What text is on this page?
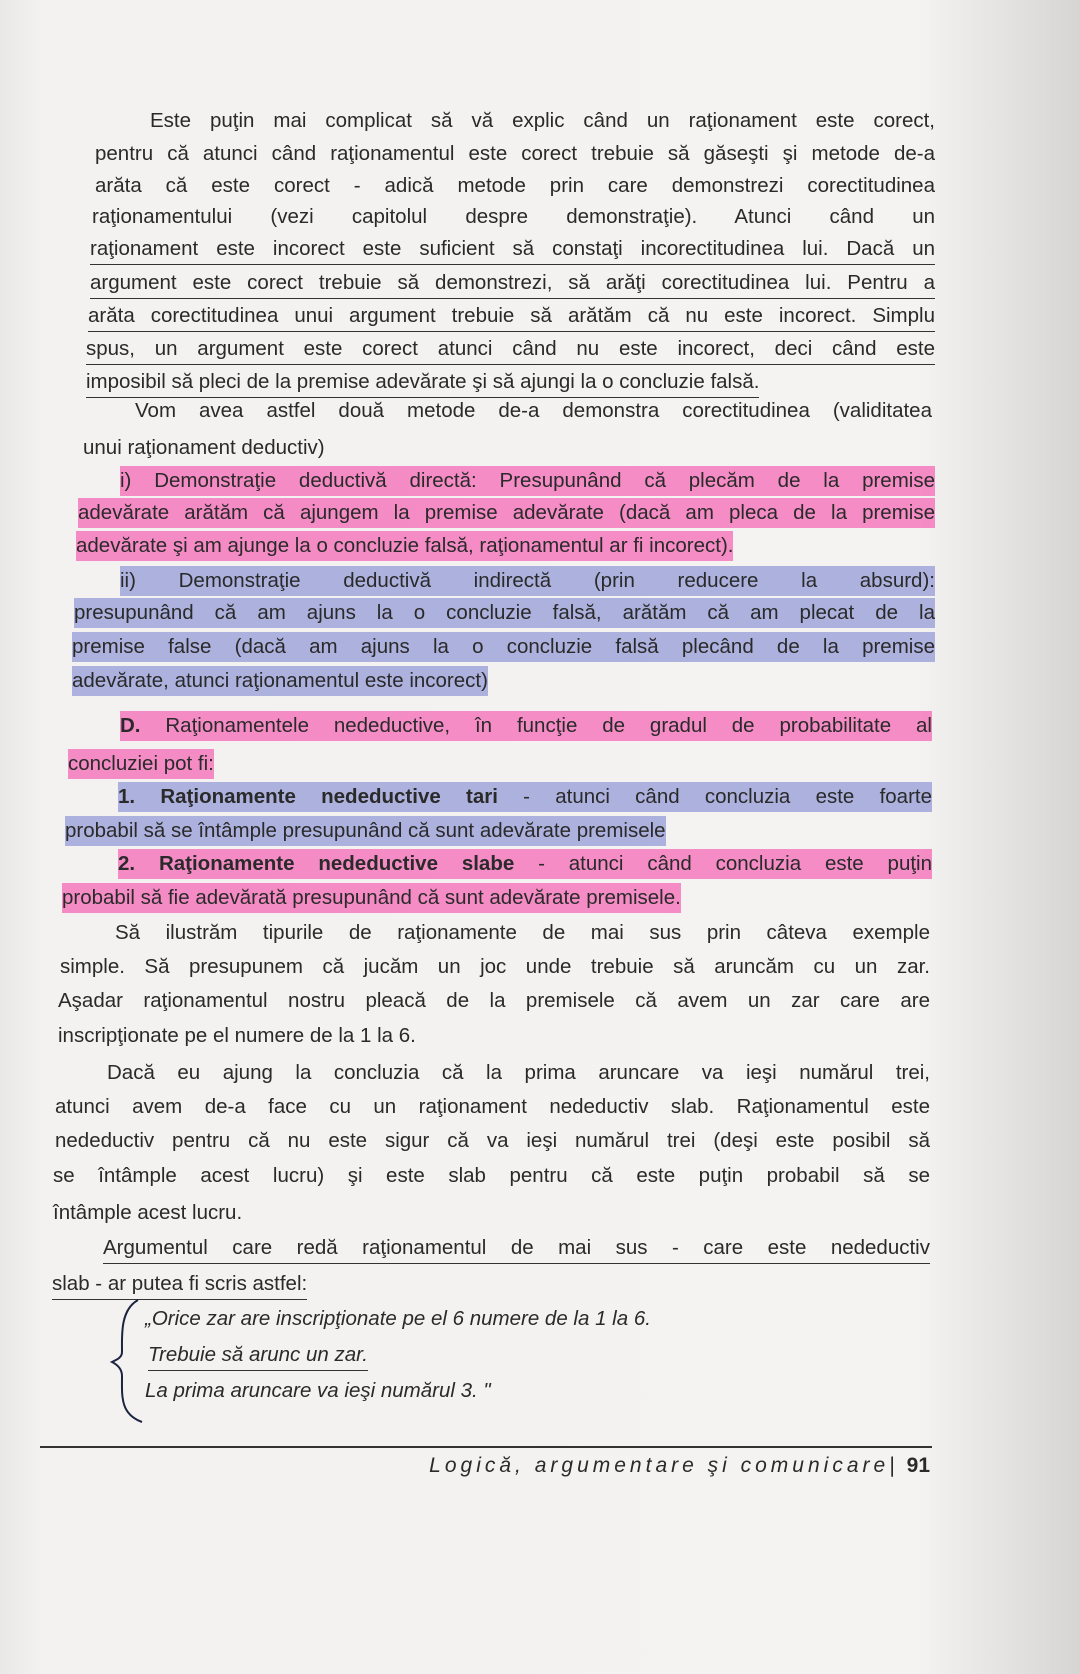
Este puţin mai complicat să vă explic când un raţionament este corect,
pentru că atunci când raţionamentul este corect trebuie să găseşti şi metode de-a
arăta că este corect - adică metode prin care demonstrezi corectitudinea
raţionamentului (vezi capitolul despre demonstraţie). Atunci când un
raţionament este incorect este suficient să constaţi incorectitudinea lui. Dacă un
argument este corect trebuie să demonstrezi, să arăţi corectitudinea lui. Pentru a
arăta corectitudinea unui argument trebuie să arătăm că nu este incorect. Simplu
spus, un argument este corect atunci când nu este incorect, deci când este
imposibil să pleci de la premise adevărate şi să ajungi la o concluzie falsă.
Vom avea astfel două metode de-a demonstra corectitudinea (validitatea
unui raţionament deductiv)
i) Demonstraţie deductivă directă: Presupunând că plecăm de la premise
adevărate arătăm că ajungem la premise adevărate (dacă am pleca de la premise
adevărate şi am ajunge la o concluzie falsă, raţionamentul ar fi incorect).
ii) Demonstraţie deductivă indirectă (prin reducere la absurd):
presupunând că am ajuns la o concluzie falsă, arătăm că am plecat de la
premise false (dacă am ajuns la o concluzie falsă plecând de la premise
adevărate, atunci raţionamentul este incorect)
D. Raţionamentele nedeductive, în funcţie de gradul de probabilitate al
concluziei pot fi:
1. Raţionamente nedeductive tari - atunci când concluzia este foarte
probabil să se întâmple presupunând că sunt adevărate premisele
2. Raţionamente nedeductive slabe - atunci când concluzia este puţin
probabil să fie adevărată presupunând că sunt adevărate premisele.
Să ilustrăm tipurile de raţionamente de mai sus prin câteva exemple
simple. Să presupunem că jucăm un joc unde trebuie să aruncăm cu un zar.
Aşadar raţionamentul nostru pleacă de la premisele că avem un zar care are
inscripţionate pe el numere de la 1 la 6.
Dacă eu ajung la concluzia că la prima aruncare va ieşi numărul trei,
atunci avem de-a face cu un raţionament nedeductiv slab. Raţionamentul este
nedeductiv pentru că nu este sigur că va ieşi numărul trei (deşi este posibil să
se întâmple acest lucru) şi este slab pentru că este puţin probabil să se
întâmple acest lucru.
Argumentul care redă raţionamentul de mai sus - care este nedeductiv
slab - ar putea fi scris astfel:
„Orice zar are inscripţionate pe el 6 numere de la 1 la 6.
Trebuie să arunc un zar.
La prima aruncare va ieşi numărul 3. "
Logică, argumentare şi comunicare| 91
